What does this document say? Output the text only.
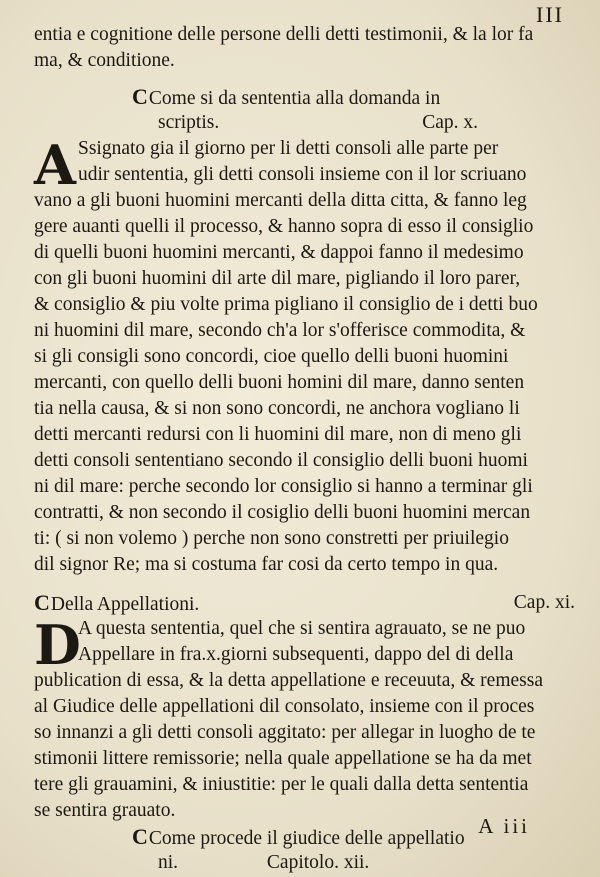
III
entia e cognitione delle persone delli detti testimonii, & la lor fa
ma, & conditione.
CCome si da sententia alla domanda in
scriptis.	Cap. x.
A Ssignato gia il giorno per li detti consoli alle parte per
udir sententia, gli detti consoli insieme con il lor scriuano
vano a gli buoni huomini mercanti della ditta citta, & fanno leg
gere auanti quelli il processo, & hanno sopra di esso il consiglio
di quelli buoni huomini mercanti, & dappoi fanno il medesimo
con gli buoni huomini dil arte dil mare, pigliando il loro parer,
& consiglio & piu volte prima pigliano il consiglio de i detti buo
ni huomini dil mare, secondo ch'a lor s'offerisce commodita, &
si gli consigli sono concordi, cioe quello delli buoni huomini
mercanti, con quello delli buoni homini dil mare, danno senten
tia nella causa, & si non sono concordi, ne anchora vogliano li
detti mercanti redursi con li huomini dil mare, non di meno gli
detti consoli sententiano secondo il consiglio delli buoni huomi
ni dil mare: perche secondo lor consiglio si hanno a terminar gli
contratti, & non secondo il cosiglio delli buoni huomini mercan
ti: ( si non volemo ) perche non sono constretti per priuilegio
dil signor Re; ma si costuma far cosi da certo tempo in qua.
CDella Appellationi.	Cap. xi.
D
A questa sententia, quel che si sentira agrauato, se ne puo
Appellare in fra.x.giorni subsequenti, dappo del di della
publication di essa, & la detta appellatione e receuuta, & remessa
al Giudice delle appellationi dil consolato, insieme con il proces
so innanzi a gli detti consoli aggitato: per allegar in luogho de te
stimonii littere remissorie; nella quale appellatione se ha da met
tere gli grauamini, & iniustitie: per le quali dalla detta sententia
se sentira grauato.
CCome procede il giudice delle appellatio
ni.	Capitolo. xii.
A iii
